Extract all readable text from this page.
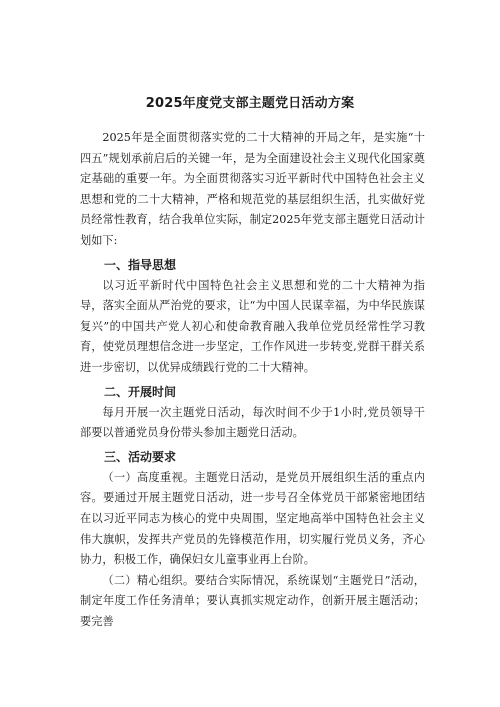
2025年度党支部主题党日活动方案

2025年是全面贯彻落实党的二十大精神的开局之年，是实施“十四五”规划承前启后的关键一年，是为全面建设社会主义现代化国家奠定基础的重要一年。为全面贯彻落实习近平新时代中国特色社会主义思想和党的二十大精神，严格和规范党的基层组织生活，扎实做好党员经常性教育，结合我单位实际，制定2025年党支部主题党日活动计划如下:

一、指导思想

以习近平新时代中国特色社会主义思想和党的二十大精神为指导，落实全面从严治党的要求，让“为中国人民谋幸福，为中华民族谋复兴”的中国共产党人初心和使命教育融入我单位党员经常性学习教育，使党员理想信念进一步坚定，工作作风进一步转变,党群干群关系进一步密切，以优异成绩践行党的二十大精神。

二、开展时间

每月开展一次主题党日活动，每次时间不少于1小时,党员领导干部要以普通党员身份带头参加主题党日活动。

三、活动要求

（一）高度重视。主题党日活动，是党员开展组织生活的重点内容。要通过开展主题党日活动，进一步号召全体党员干部紧密地团结在以习近平同志为核心的党中央周围，坚定地高举中国特色社会主义伟大旗帜，发挥共产党员的先锋模范作用，切实履行党员义务，齐心协力，积极工作，确保妇女儿童事业再上台阶。

（二）精心组织。要结合实际情况，系统谋划“主题党日”活动，制定年度工作任务清单；要认真抓实规定动作，创新开展主题活动；要完善
